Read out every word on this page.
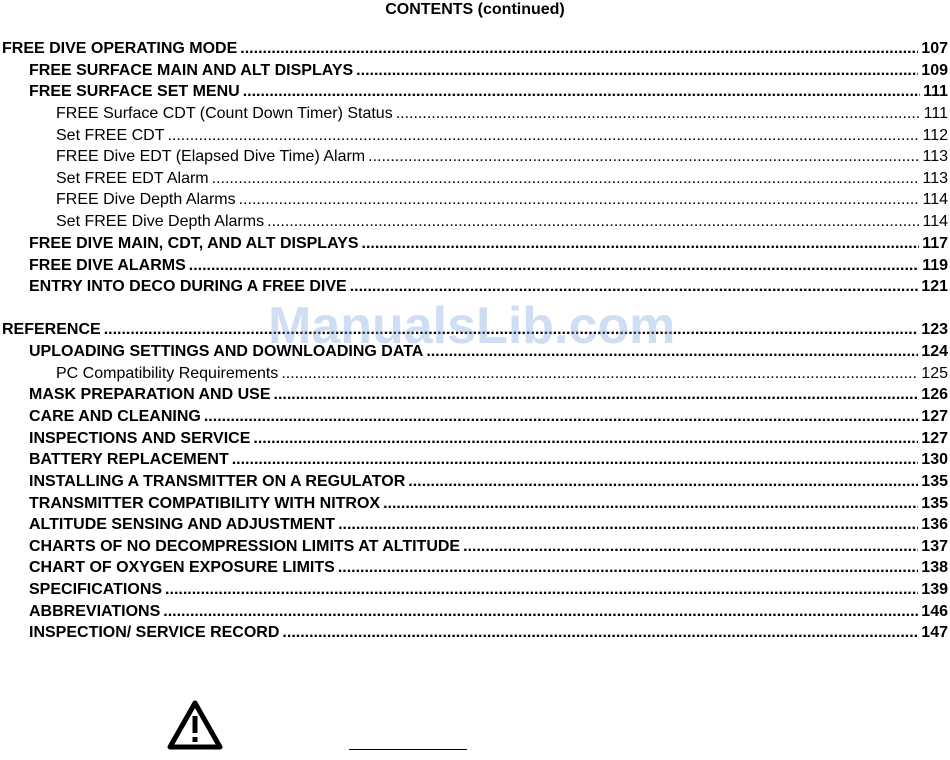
CONTENTS (continued)
FREE DIVE OPERATING MODE .....	107
FREE SURFACE MAIN AND ALT DISPLAYS .....	109
FREE SURFACE SET MENU .....	111
FREE Surface CDT (Count Down Timer) Status .....	111
Set FREE CDT .....	112
FREE Dive EDT (Elapsed Dive Time) Alarm .....	113
Set FREE EDT Alarm .....	113
FREE Dive Depth Alarms .....	114
Set FREE Dive Depth Alarms .....	114
FREE DIVE MAIN, CDT, AND ALT DISPLAYS .....	117
FREE DIVE ALARMS .....	119
ENTRY INTO DECO DURING A FREE DIVE .....	121
REFERENCE .....	123
UPLOADING SETTINGS AND DOWNLOADING DATA .....	124
PC Compatibility Requirements .....	125
MASK PREPARATION AND USE .....	126
CARE AND CLEANING .....	127
INSPECTIONS AND SERVICE .....	127
BATTERY REPLACEMENT .....	130
INSTALLING A TRANSMITTER ON A REGULATOR .....	135
TRANSMITTER COMPATIBILITY WITH NITROX .....	135
ALTITUDE SENSING AND ADJUSTMENT .....	136
CHARTS OF NO DECOMPRESSION LIMITS AT ALTITUDE .....	137
CHART OF OXYGEN EXPOSURE LIMITS .....	138
SPECIFICATIONS .....	139
ABBREVIATIONS .....	146
INSPECTION/ SERVICE RECORD .....	147
ManualsLib.com
